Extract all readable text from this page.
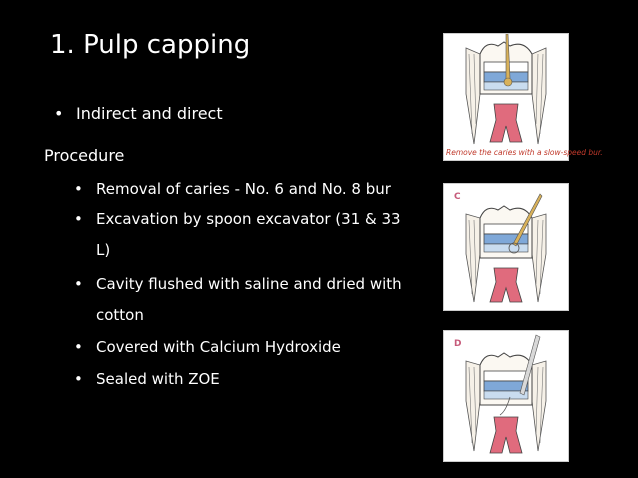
1. Pulp capping

• Indirect and direct

Procedure

• Removal of caries - No. 6 and No. 8 bur

• Excavation by spoon excavator (31 & 33

L)

• Cavity flushed with saline and dried with

cotton

• Covered with Calcium Hydroxide

• Sealed with ZOE

Remove the caries with a slow-speed bur.
C
D
